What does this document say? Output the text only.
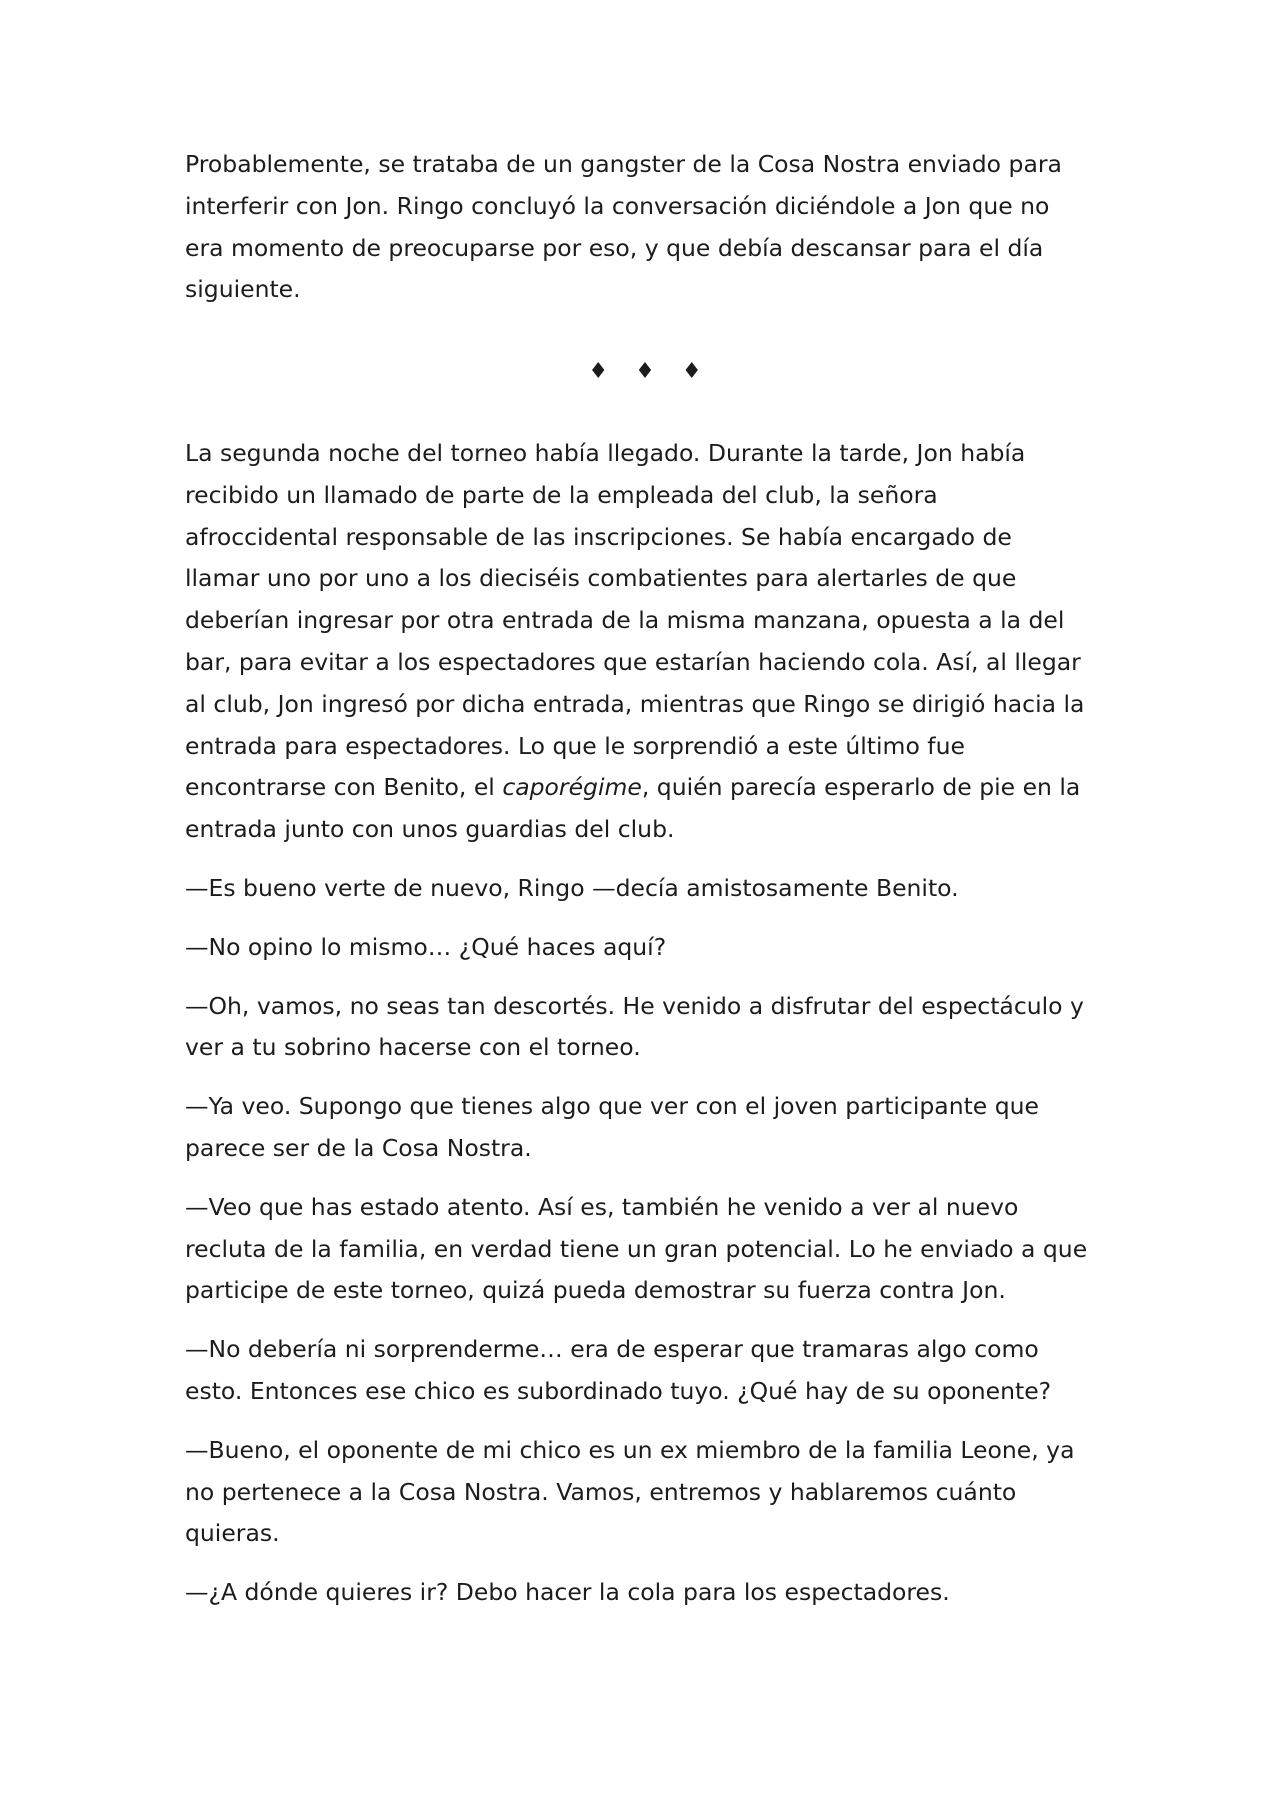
Probablemente, se trataba de un gangster de la Cosa Nostra enviado para
interferir con Jon. Ringo concluyó la conversación diciéndole a Jon que no
era momento de preocuparse por eso, y que debía descansar para el día
siguiente.

♦ ♦ ♦

La segunda noche del torneo había llegado. Durante la tarde, Jon había
recibido un llamado de parte de la empleada del club, la señora
afroccidental responsable de las inscripciones. Se había encargado de
llamar uno por uno a los dieciséis combatientes para alertarles de que
deberían ingresar por otra entrada de la misma manzana, opuesta a la del
bar, para evitar a los espectadores que estarían haciendo cola. Así, al llegar
al club, Jon ingresó por dicha entrada, mientras que Ringo se dirigió hacia la
entrada para espectadores. Lo que le sorprendió a este último fue
encontrarse con Benito, el caporégime, quién parecía esperarlo de pie en la
entrada junto con unos guardias del club.

—Es bueno verte de nuevo, Ringo —decía amistosamente Benito.

—No opino lo mismo… ¿Qué haces aquí?

—Oh, vamos, no seas tan descortés. He venido a disfrutar del espectáculo y
ver a tu sobrino hacerse con el torneo.

—Ya veo. Supongo que tienes algo que ver con el joven participante que
parece ser de la Cosa Nostra.

—Veo que has estado atento. Así es, también he venido a ver al nuevo
recluta de la familia, en verdad tiene un gran potencial. Lo he enviado a que
participe de este torneo, quizá pueda demostrar su fuerza contra Jon.

—No debería ni sorprenderme… era de esperar que tramaras algo como
esto. Entonces ese chico es subordinado tuyo. ¿Qué hay de su oponente?

—Bueno, el oponente de mi chico es un ex miembro de la familia Leone, ya
no pertenece a la Cosa Nostra. Vamos, entremos y hablaremos cuánto
quieras.

—¿A dónde quieres ir? Debo hacer la cola para los espectadores.
